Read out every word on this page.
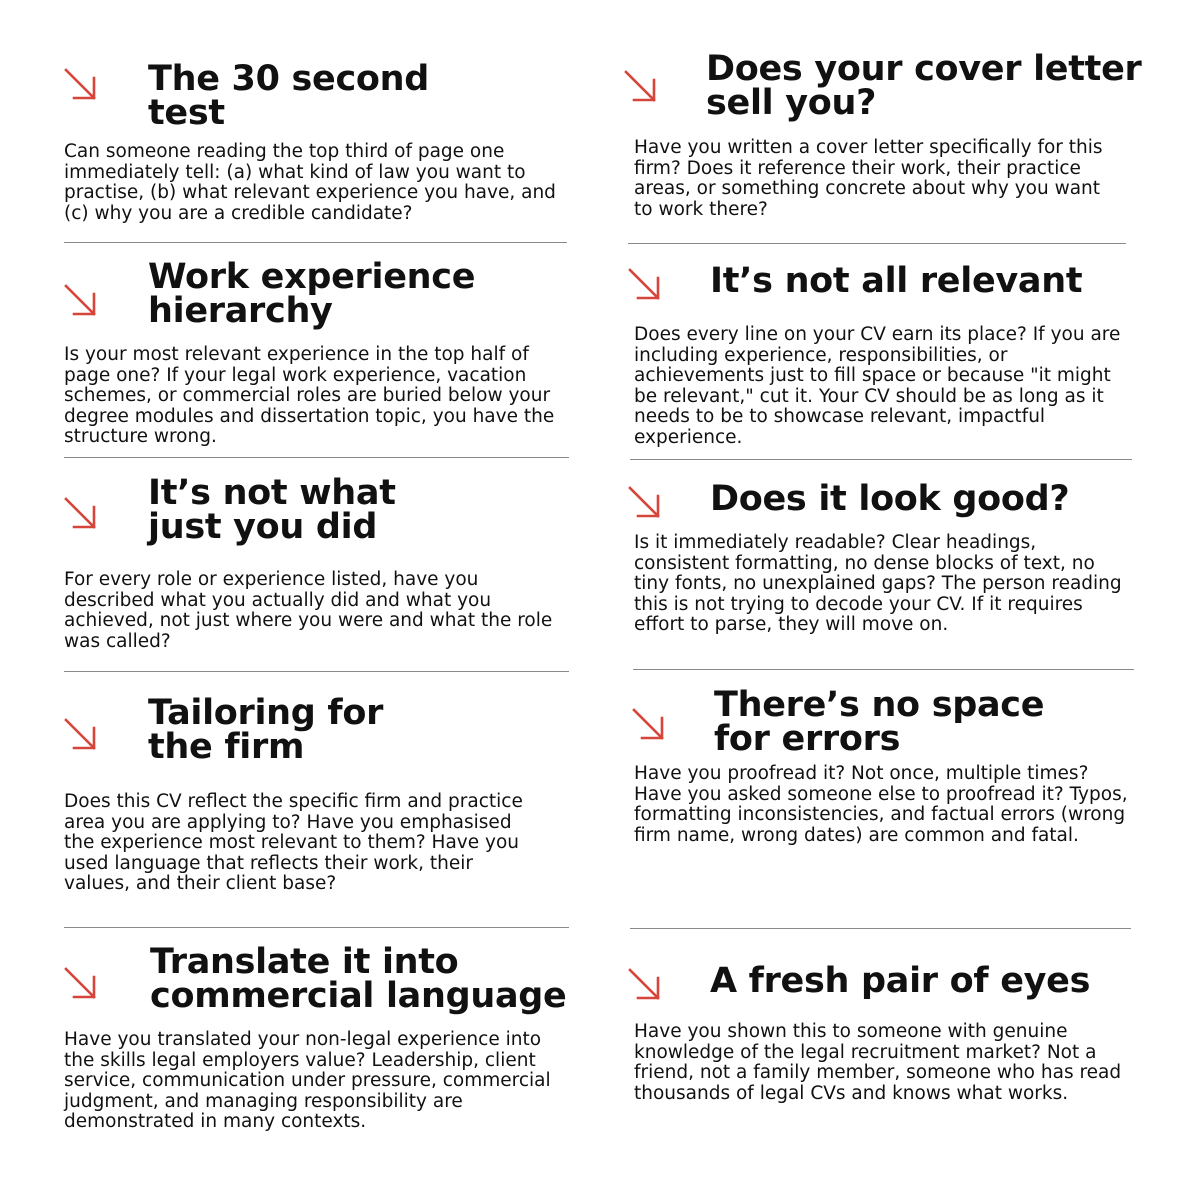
The 30 second test

Can someone reading the top third of page one immediately tell: (a) what kind of law you want to practise, (b) what relevant experience you have, and (c) why you are a credible candidate?

Work experience hierarchy

Is your most relevant experience in the top half of page one? If your legal work experience, vacation schemes, or commercial roles are buried below your degree modules and dissertation topic, you have the structure wrong.

It’s not what just you did

For every role or experience listed, have you described what you actually did and what you achieved, not just where you were and what the role was called?

Tailoring for the firm

Does this CV reflect the specific firm and practice area you are applying to? Have you emphasised the experience most relevant to them? Have you used language that reflects their work, their values, and their client base?

Translate it into commercial language

Have you translated your non-legal experience into the skills legal employers value? Leadership, client service, communication under pressure, commercial judgment, and managing responsibility are demonstrated in many contexts.

Does your cover letter sell you?

Have you written a cover letter specifically for this firm? Does it reference their work, their practice areas, or something concrete about why you want to work there?

It’s not all relevant

Does every line on your CV earn its place? If you are including experience, responsibilities, or achievements just to fill space or because "it might be relevant," cut it. Your CV should be as long as it needs to be to showcase relevant, impactful experience.

Does it look good?

Is it immediately readable? Clear headings, consistent formatting, no dense blocks of text, no tiny fonts, no unexplained gaps? The person reading this is not trying to decode your CV. If it requires effort to parse, they will move on.

There’s no space for errors

Have you proofread it? Not once, multiple times? Have you asked someone else to proofread it? Typos, formatting inconsistencies, and factual errors (wrong firm name, wrong dates) are common and fatal.

A fresh pair of eyes

Have you shown this to someone with genuine knowledge of the legal recruitment market? Not a friend, not a family member, someone who has read thousands of legal CVs and knows what works.
